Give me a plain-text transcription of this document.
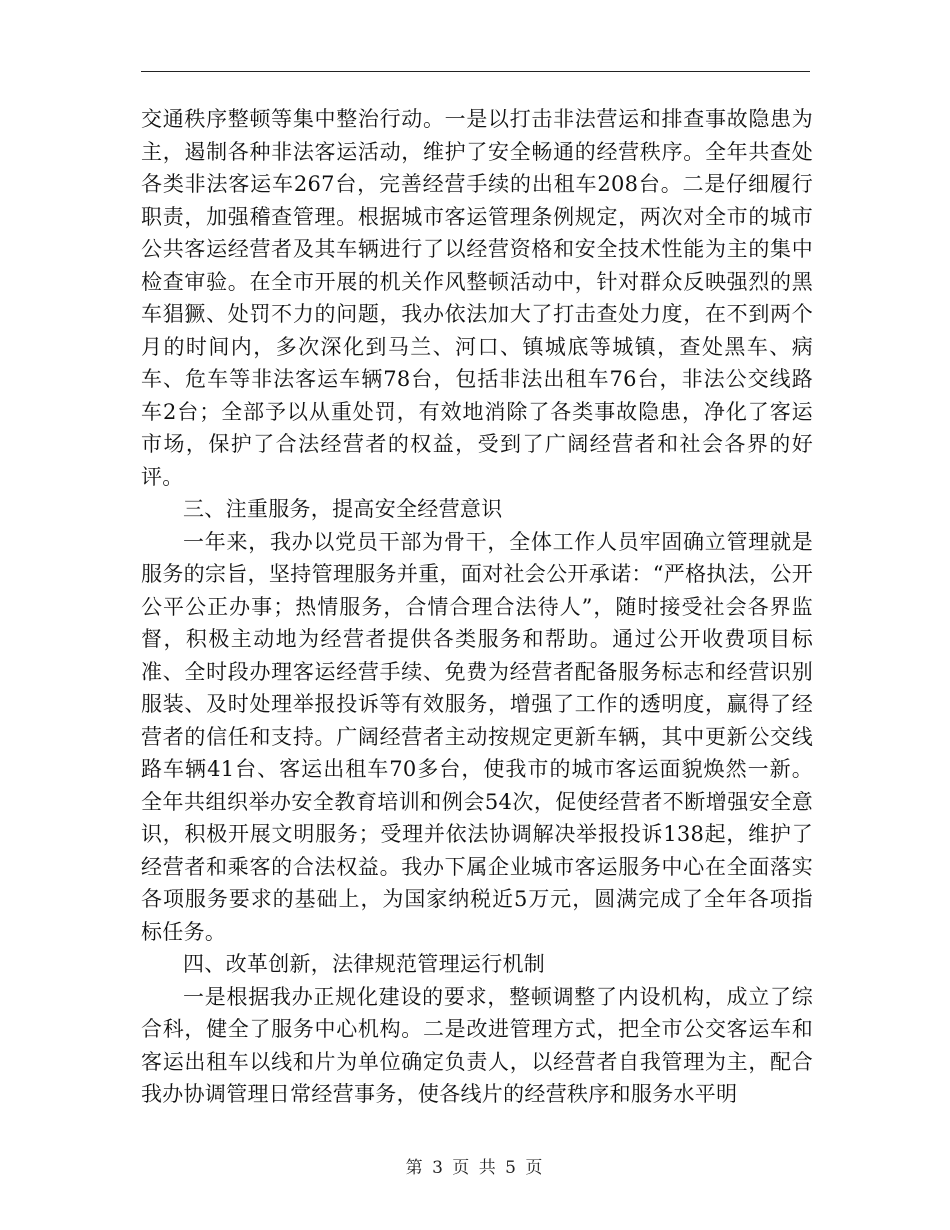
交通秩序整顿等集中整治行动。一是以打击非法营运和排查事故隐患为主，遏制各种非法客运活动，维护了安全畅通的经营秩序。全年共查处各类非法客运车267台，完善经营手续的出租车208台。二是仔细履行职责，加强稽查管理。根据城市客运管理条例规定，两次对全市的城市公共客运经营者及其车辆进行了以经营资格和安全技术性能为主的集中检查审验。在全市开展的机关作风整顿活动中，针对群众反映强烈的黑车猖獗、处罚不力的问题，我办依法加大了打击查处力度，在不到两个月的时间内，多次深化到马兰、河口、镇城底等城镇，查处黑车、病车、危车等非法客运车辆78台，包括非法出租车76台，非法公交线路车2台；全部予以从重处罚，有效地消除了各类事故隐患，净化了客运市场，保护了合法经营者的权益，受到了广阔经营者和社会各界的好评。

三、注重服务，提高安全经营意识

一年来，我办以党员干部为骨干，全体工作人员牢固确立管理就是服务的宗旨，坚持管理服务并重，面对社会公开承诺：“严格执法，公开公平公正办事；热情服务，合情合理合法待人”，随时接受社会各界监督，积极主动地为经营者提供各类服务和帮助。通过公开收费项目标准、全时段办理客运经营手续、免费为经营者配备服务标志和经营识别服装、及时处理举报投诉等有效服务，增强了工作的透明度，赢得了经营者的信任和支持。广阔经营者主动按规定更新车辆，其中更新公交线路车辆41台、客运出租车70多台，使我市的城市客运面貌焕然一新。全年共组织举办安全教育培训和例会54次，促使经营者不断增强安全意识，积极开展文明服务；受理并依法协调解决举报投诉138起，维护了经营者和乘客的合法权益。我办下属企业城市客运服务中心在全面落实各项服务要求的基础上，为国家纳税近5万元，圆满完成了全年各项指标任务。

四、改革创新，法律规范管理运行机制

一是根据我办正规化建设的要求，整顿调整了内设机构，成立了综合科，健全了服务中心机构。二是改进管理方式，把全市公交客运车和客运出租车以线和片为单位确定负责人，以经营者自我管理为主，配合我办协调管理日常经营事务，使各线片的经营秩序和服务水平明

第 3 页 共 5 页
